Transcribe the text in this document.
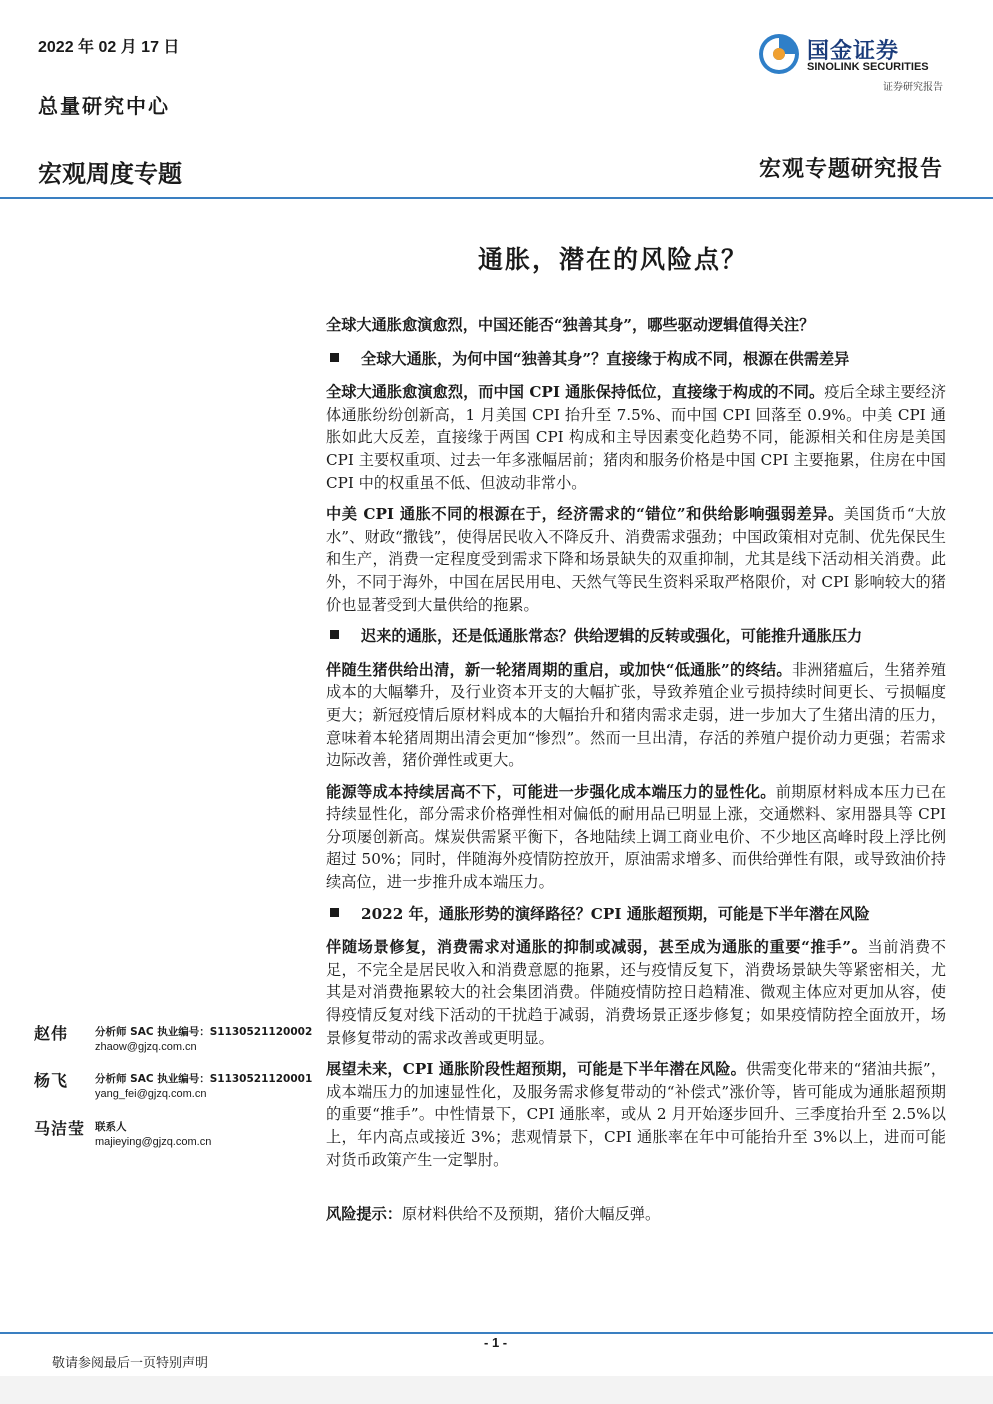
2022 年 02 月 17 日
总量研究中心
国金证券
SINOLINK SECURITIES
证券研究报告
宏观周度专题	宏观专题研究报告
通胀，潜在的风险点？

全球大通胀愈演愈烈，中国还能否“独善其身”，哪些驱动逻辑值得关注？

全球大通胀，为何中国“独善其身”？直接缘于构成不同，根源在供需差异

全球大通胀愈演愈烈，而中国 CPI 通胀保持低位，直接缘于构成的不同。疫后全球主要经济体通胀纷纷创新高，1 月美国 CPI 抬升至 7.5%、而中国 CPI 回落至 0.9%。中美 CPI 通胀如此大反差，直接缘于两国 CPI 构成和主导因素变化趋势不同，能源相关和住房是美国 CPI 主要权重项、过去一年多涨幅居前；猪肉和服务价格是中国 CPI 主要拖累，住房在中国 CPI 中的权重虽不低、但波动非常小。

中美 CPI 通胀不同的根源在于，经济需求的“错位”和供给影响强弱差异。美国货币“大放水”、财政“撒钱”，使得居民收入不降反升、消费需求强劲；中国政策相对克制、优先保民生和生产，消费一定程度受到需求下降和场景缺失的双重抑制，尤其是线下活动相关消费。此外，不同于海外，中国在居民用电、天然气等民生资料采取严格限价，对 CPI 影响较大的猪价也显著受到大量供给的拖累。

迟来的通胀，还是低通胀常态？供给逻辑的反转或强化，可能推升通胀压力

伴随生猪供给出清，新一轮猪周期的重启，或加快“低通胀”的终结。非洲猪瘟后，生猪养殖成本的大幅攀升，及行业资本开支的大幅扩张，导致养殖企业亏损持续时间更长、亏损幅度更大；新冠疫情后原材料成本的大幅抬升和猪肉需求走弱，进一步加大了生猪出清的压力，意味着本轮猪周期出清会更加“惨烈”。然而一旦出清，存活的养殖户提价动力更强；若需求边际改善，猪价弹性或更大。

能源等成本持续居高不下，可能进一步强化成本端压力的显性化。前期原材料成本压力已在持续显性化，部分需求价格弹性相对偏低的耐用品已明显上涨，交通燃料、家用器具等 CPI 分项屡创新高。煤炭供需紧平衡下，各地陆续上调工商业电价、不少地区高峰时段上浮比例超过 50%；同时，伴随海外疫情防控放开，原油需求增多、而供给弹性有限，或导致油价持续高位，进一步推升成本端压力。

2022 年，通胀形势的演绎路径？CPI 通胀超预期，可能是下半年潜在风险

伴随场景修复，消费需求对通胀的抑制或减弱，甚至成为通胀的重要“推手”。当前消费不足，不完全是居民收入和消费意愿的拖累，还与疫情反复下，消费场景缺失等紧密相关，尤其是对消费拖累较大的社会集团消费。伴随疫情防控日趋精准、微观主体应对更加从容，使得疫情反复对线下活动的干扰趋于减弱，消费场景正逐步修复；如果疫情防控全面放开，场景修复带动的需求改善或更明显。

展望未来，CPI 通胀阶段性超预期，可能是下半年潜在风险。供需变化带来的“猪油共振”，成本端压力的加速显性化，及服务需求修复带动的“补偿式”涨价等，皆可能成为通胀超预期的重要“推手”。中性情景下，CPI 通胀率，或从 2 月开始逐步回升、三季度抬升至 2.5%以上，年内高点或接近 3%；悲观情景下，CPI 通胀率在年中可能抬升至 3%以上，进而可能对货币政策产生一定掣肘。

风险提示：原材料供给不及预期，猪价大幅反弹。

赵伟	分析师 SAC 执业编号：S1130521120002
zhaow@gjzq.com.cn
杨飞	分析师 SAC 执业编号：S1130521120001
yang_fei@gjzq.com.cn
马洁莹 联系人
majieying@gjzq.com.cn
- 1 -
敬请参阅最后一页特别声明
